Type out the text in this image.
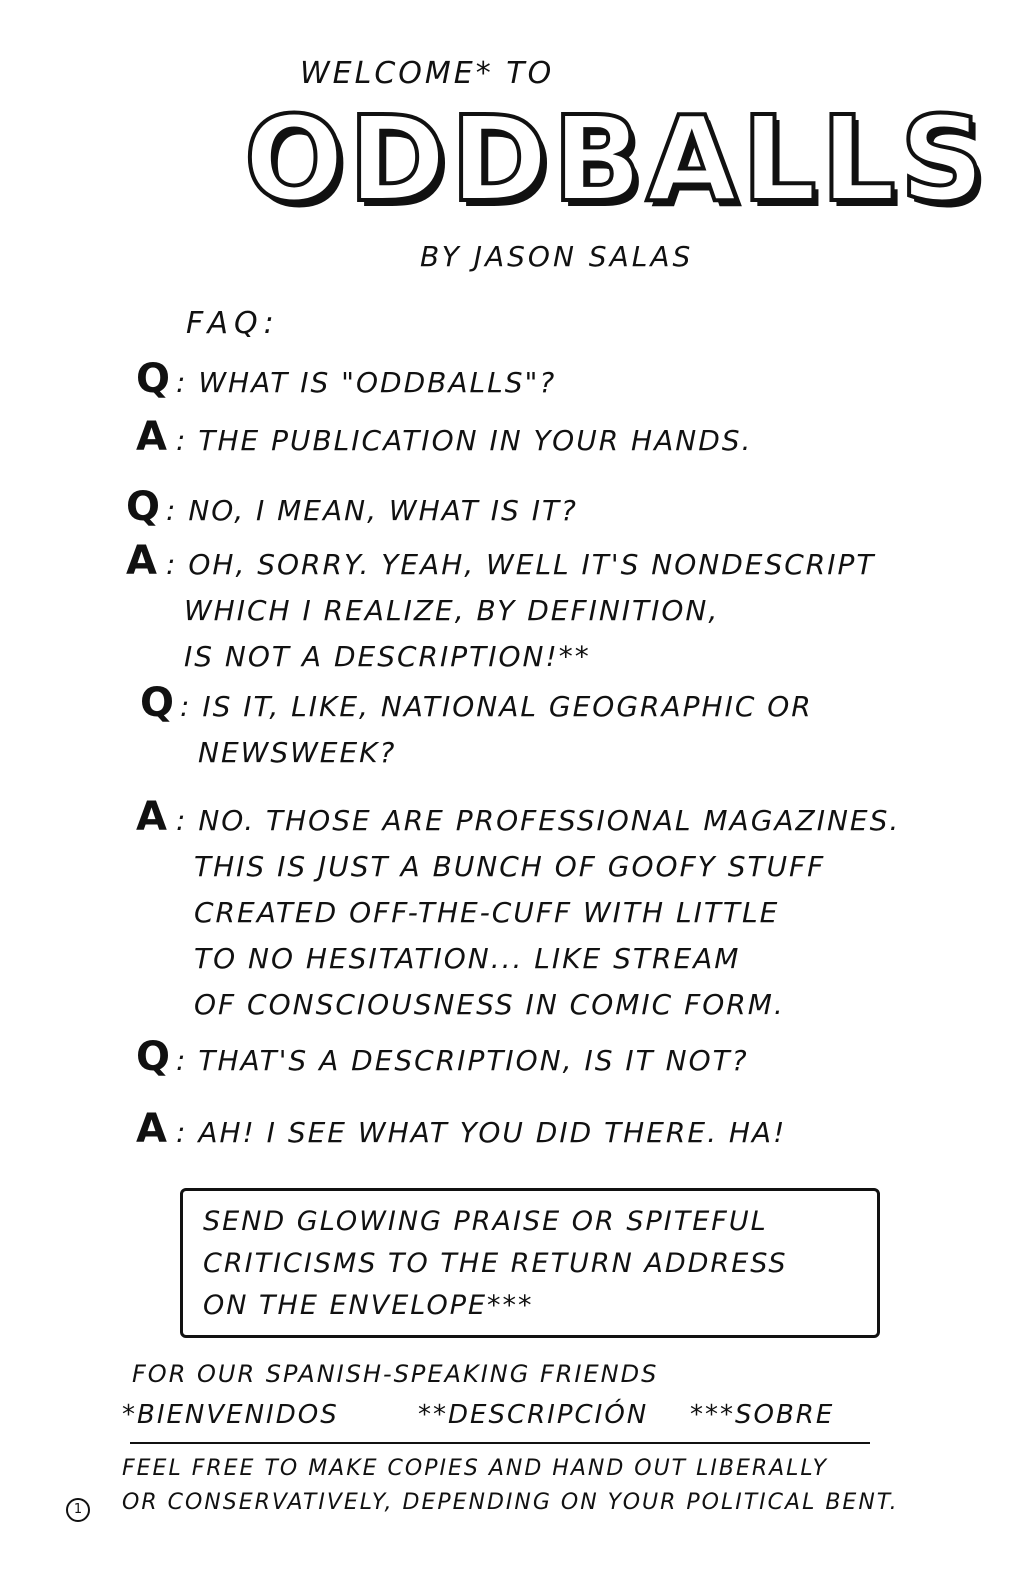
WELCOME* TO
ODDBALLS
BY JASON SALAS
FAQ:
Q : WHAT IS "ODDBALLS"?
A : THE PUBLICATION IN YOUR HANDS.
Q : NO, I MEAN, WHAT IS IT?
A : OH, SORRY. YEAH, WELL IT'S NONDESCRIPT
WHICH I REALIZE, BY DEFINITION,
IS NOT A DESCRIPTION!**
Q : IS IT, LIKE, NATIONAL GEOGRAPHIC OR
NEWSWEEK?
A : NO. THOSE ARE PROFESSIONAL MAGAZINES.
THIS IS JUST A BUNCH OF GOOFY STUFF
CREATED OFF-THE-CUFF WITH LITTLE
TO NO HESITATION... LIKE STREAM
OF CONSCIOUSNESS IN COMIC FORM.
Q : THAT'S A DESCRIPTION, IS IT NOT?
A : AH! I SEE WHAT YOU DID THERE. HA!
SEND GLOWING PRAISE OR SPITEFUL
CRITICISMS TO THE RETURN ADDRESS
ON THE ENVELOPE***
FOR OUR SPANISH-SPEAKING FRIENDS
*BIENVENIDOS	**DESCRIPCIÓN ***SOBRE
FEEL FREE TO MAKE COPIES AND HAND OUT LIBERALLY
OR CONSERVATIVELY, DEPENDING ON YOUR POLITICAL BENT.
1
